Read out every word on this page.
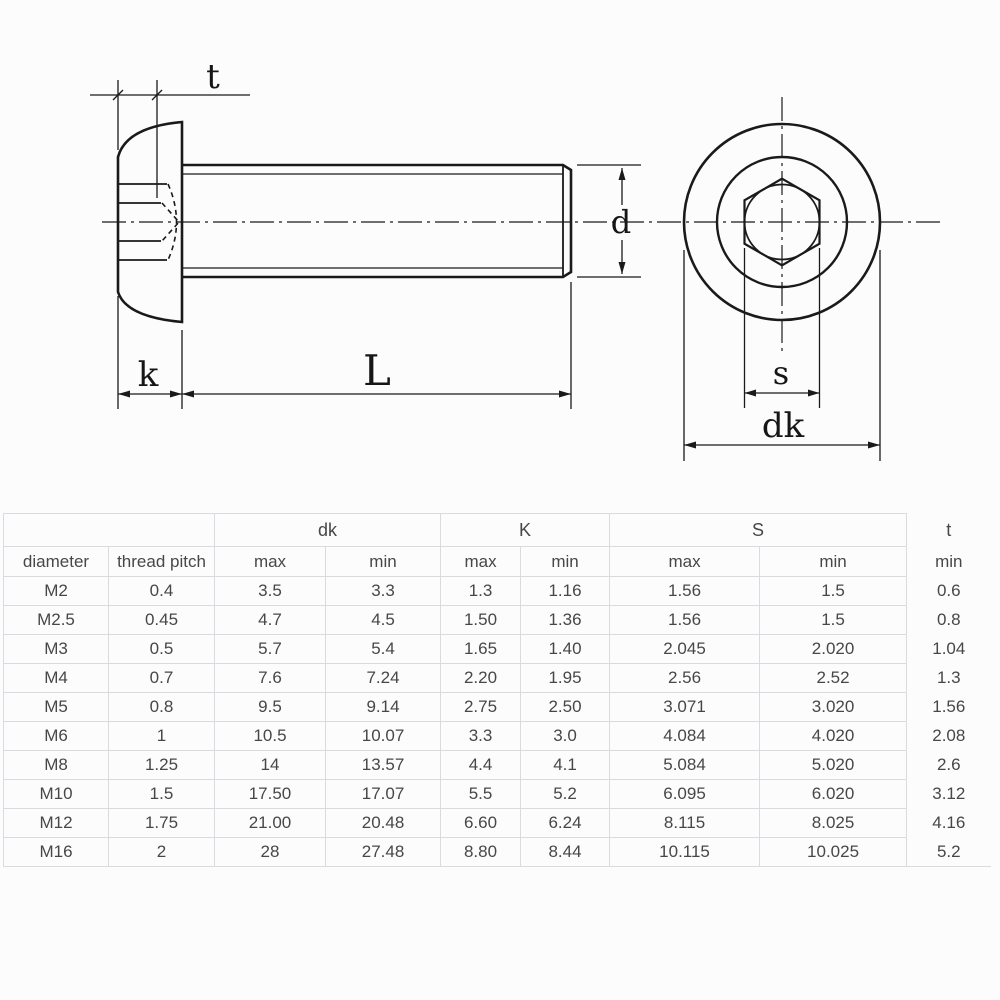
t
k	L
d
s
dk
		dk		K		S		t
diameter	thread pitch	max	min	max	min	max	min	min
M2	0.4	3.5	3.3	1.3	1.16	1.56	1.5	0.6
M2.5	0.45	4.7	4.5	1.50	1.36	1.56	1.5	0.8
M3	0.5	5.7	5.4	1.65	1.40	2.045	2.020	1.04
M4	0.7	7.6	7.24	2.20	1.95	2.56	2.52	1.3
M5	0.8	9.5	9.14	2.75	2.50	3.071	3.020	1.56
M6	1	10.5	10.07	3.3	3.0	4.084	4.020	2.08
M8	1.25	14	13.57	4.4	4.1	5.084	5.020	2.6
M10	1.5	17.50	17.07	5.5	5.2	6.095	6.020	3.12
M12	1.75	21.00	20.48	6.60	6.24	8.115	8.025	4.16
M16	2	28	27.48	8.80	8.44	10.115	10.025	5.2
